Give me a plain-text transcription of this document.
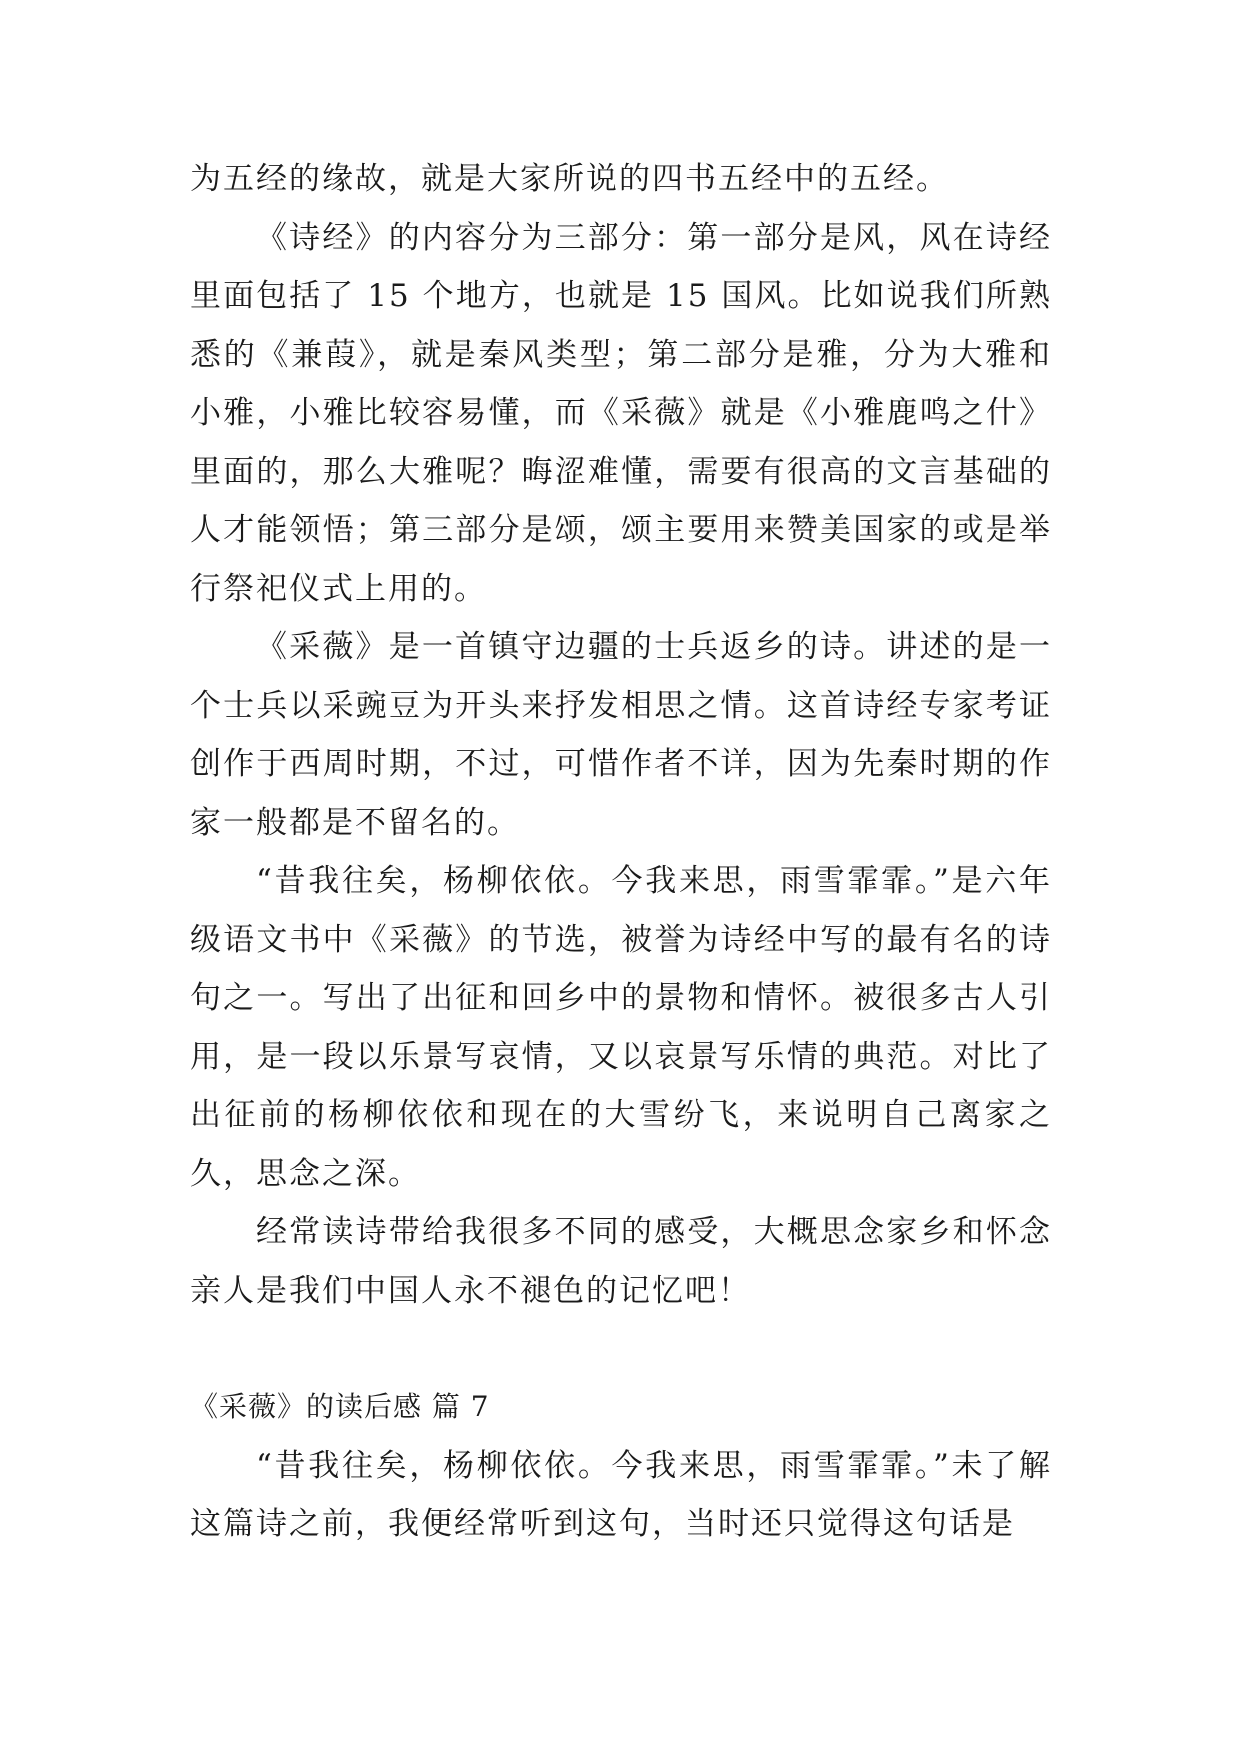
为五经的缘故，就是大家所说的四书五经中的五经。

《诗经》的内容分为三部分：第一部分是风，风在诗经里面包括了 15 个地方，也就是 15 国风。比如说我们所熟悉的《兼葭》，就是秦风类型；第二部分是雅，分为大雅和小雅，小雅比较容易懂，而《采薇》就是《小雅鹿鸣之什》里面的，那么大雅呢？晦涩难懂，需要有很高的文言基础的人才能领悟；第三部分是颂，颂主要用来赞美国家的或是举行祭祀仪式上用的。

《采薇》是一首镇守边疆的士兵返乡的诗。讲述的是一个士兵以采豌豆为开头来抒发相思之情。这首诗经专家考证创作于西周时期，不过，可惜作者不详，因为先秦时期的作家一般都是不留名的。

“昔我往矣，杨柳依依。今我来思，雨雪霏霏。”是六年级语文书中《采薇》的节选，被誉为诗经中写的最有名的诗句之一。写出了出征和回乡中的景物和情怀。被很多古人引用，是一段以乐景写哀情，又以哀景写乐情的典范。对比了出征前的杨柳依依和现在的大雪纷飞，来说明自己离家之久，思念之深。

经常读诗带给我很多不同的感受，大概思念家乡和怀念亲人是我们中国人永不褪色的记忆吧！

《采薇》的读后感 篇 7

“昔我往矣，杨柳依依。今我来思，雨雪霏霏。”未了解这篇诗之前，我便经常听到这句，当时还只觉得这句话是
